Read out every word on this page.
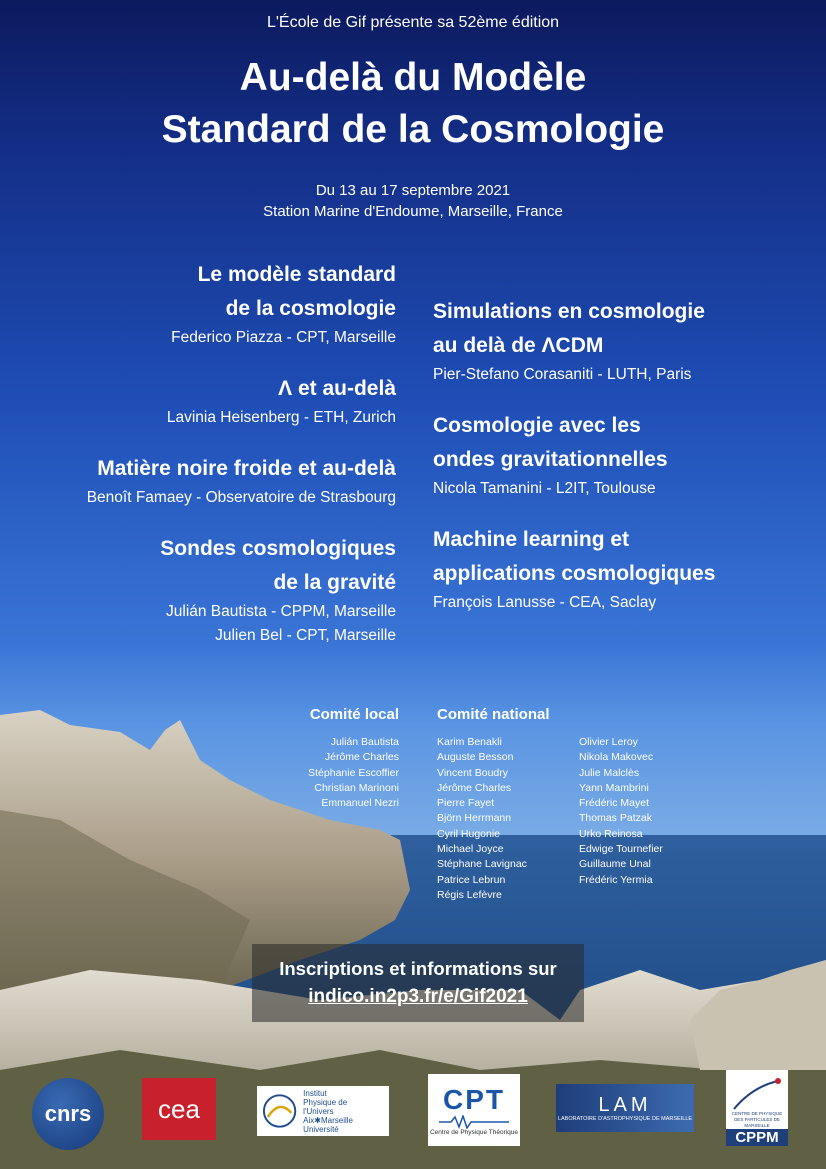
L'École de Gif présente sa 52ème édition
Au-delà du Modèle
Standard de la Cosmologie
Du 13 au 17 septembre 2021
Station Marine d'Endoume, Marseille, France
Le modèle standard
de la cosmologie
Federico Piazza - CPT, Marseille
Λ et au-delà
Lavinia Heisenberg - ETH, Zurich
Matière noire froide et au-delà
Benoît Famaey - Observatoire de Strasbourg
Sondes cosmologiques
de la gravité
Julián Bautista - CPPM, Marseille
Julien Bel - CPT, Marseille
Simulations en cosmologie
au delà de ΛCDM
Pier-Stefano Corasaniti - LUTH, Paris
Cosmologie avec les
ondes gravitationnelles
Nicola Tamanini - L2IT, Toulouse
Machine learning et
applications cosmologiques
François Lanusse - CEA, Saclay
Comité local
Julián Bautista
Jérôme Charles
Stéphanie Escoffier
Christian Marinoni
Emmanuel Nezri
Comité national
Karim Benakli
Auguste Besson
Vincent Boudry
Jérôme Charles
Pierre Fayet
Björn Herrmann
Cyril Hugonie
Michael Joyce
Stéphane Lavignac
Patrice Lebrun
Régis Lefèvre
Olivier Leroy
Nikola Makovec
Julie Malclès
Yann Mambrini
Frédéric Mayet
Thomas Patzak
Urko Reinosa
Edwige Tournefier
Guillaume Unal
Frédéric Yermia
Inscriptions et informations sur
indico.in2p3.fr/e/Gif2021
cnrs	cea
Institut
Physique de
l'Univers
Aix✱Marseille Université
CPT
Centre de Physique Théorique
LAM
LABORATOIRE D'ASTROPHYSIQUE DE MARSEILLE
CENTRE DE PHYSIQUE DES PARTICULES DE MARSEILLE
CPPM
